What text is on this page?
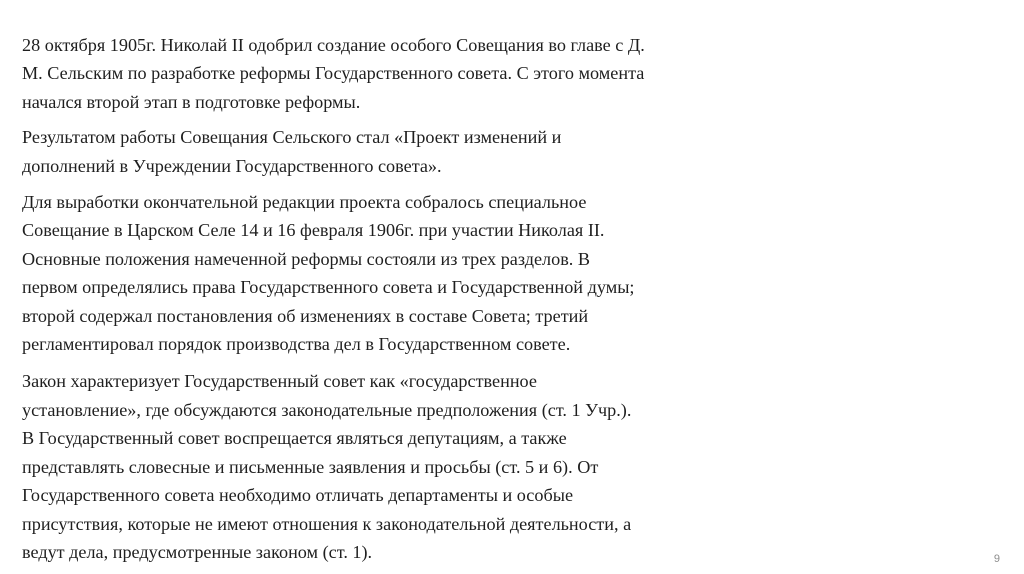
28 октября 1905г. Николай II одобрил создание особого Совещания во главе с Д.
М. Сельским по разработке реформы Государственного совета. С этого момента
начался второй этап в подготовке реформы.

Результатом работы Совещания Сельского стал «Проект изменений и
дополнений в Учреждении Государственного совета».

Для выработки окончательной редакции проекта собралось специальное
Совещание в Царском Селе 14 и 16 февраля 1906г. при участии Николая II.
Основные положения намеченной реформы состояли из трех разделов. В
первом определялись права Государственного совета и Государственной думы;
второй содержал постановления об изменениях в составе Совета; третий
регламентировал порядок производства дел в Государственном совете.

Закон характеризует Государственный совет как «государственное
установление», где обсуждаются законодательные предположения (ст. 1 Учр.).
В Государственный совет воспрещается являться депутациям, а также
представлять словесные и письменные заявления и просьбы (ст. 5 и 6). От
Государственного совета необходимо отличать департаменты и особые
присутствия, которые не имеют отношения к законодательной деятельности, а
ведут дела, предусмотренные законом (ст. 1).	9
